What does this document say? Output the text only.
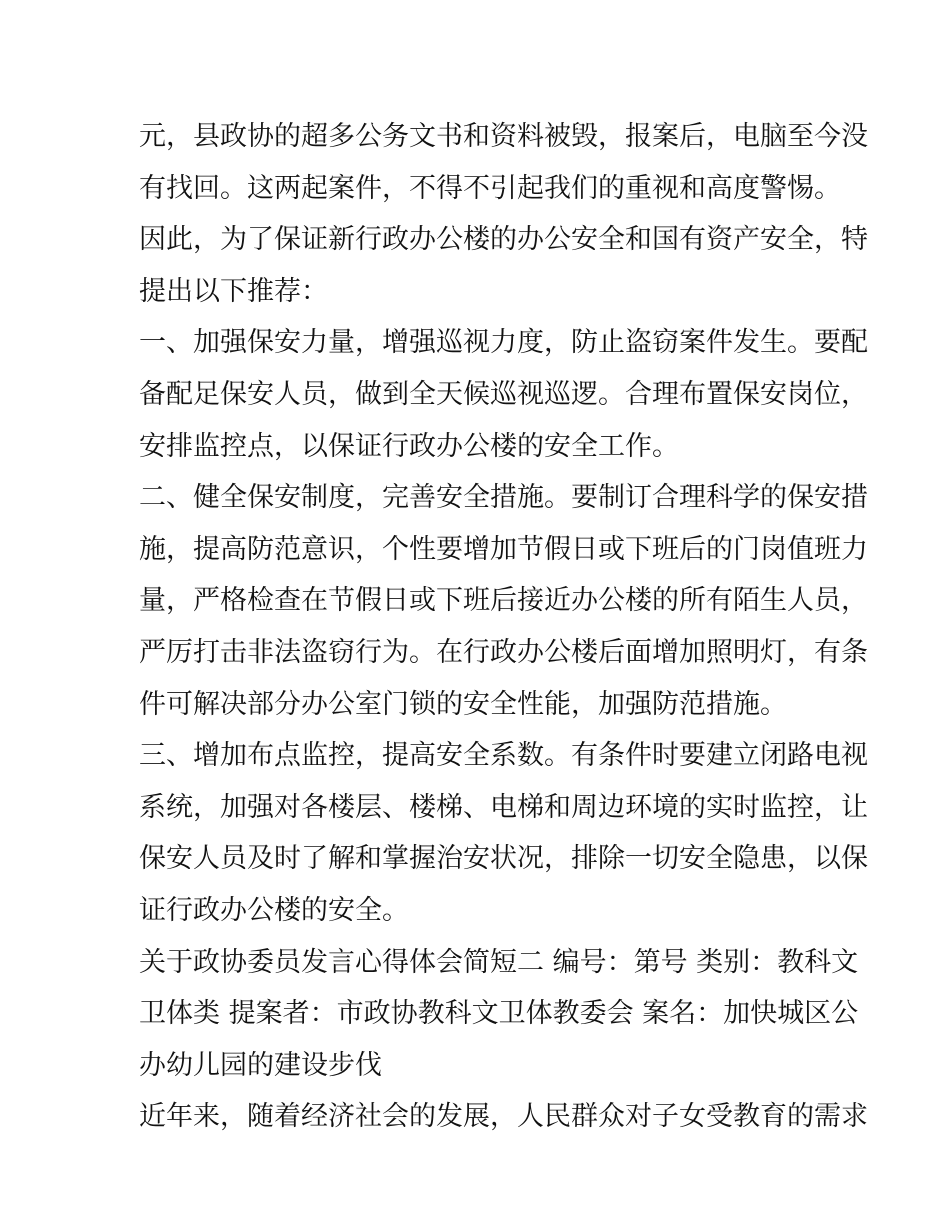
元，县政协的超多公务文书和资料被毁，报案后，电脑至今没
有找回。这两起案件，不得不引起我们的重视和高度警惕。
因此，为了保证新行政办公楼的办公安全和国有资产安全，特
提出以下推荐：
一、加强保安力量，增强巡视力度，防止盗窃案件发生。要配
备配足保安人员，做到全天候巡视巡逻。合理布置保安岗位，
安排监控点，以保证行政办公楼的安全工作。
二、健全保安制度，完善安全措施。要制订合理科学的保安措
施，提高防范意识，个性要增加节假日或下班后的门岗值班力
量，严格检查在节假日或下班后接近办公楼的所有陌生人员，
严厉打击非法盗窃行为。在行政办公楼后面增加照明灯，有条
件可解决部分办公室门锁的安全性能，加强防范措施。
三、增加布点监控，提高安全系数。有条件时要建立闭路电视
系统，加强对各楼层、楼梯、电梯和周边环境的实时监控，让
保安人员及时了解和掌握治安状况，排除一切安全隐患，以保
证行政办公楼的安全。
关于政协委员发言心得体会简短二 编号：第号 类别：教科文
卫体类 提案者：市政协教科文卫体教委会 案名：加快城区公
办幼儿园的建设步伐
近年来，随着经济社会的发展，人民群众对子女受教育的需求
